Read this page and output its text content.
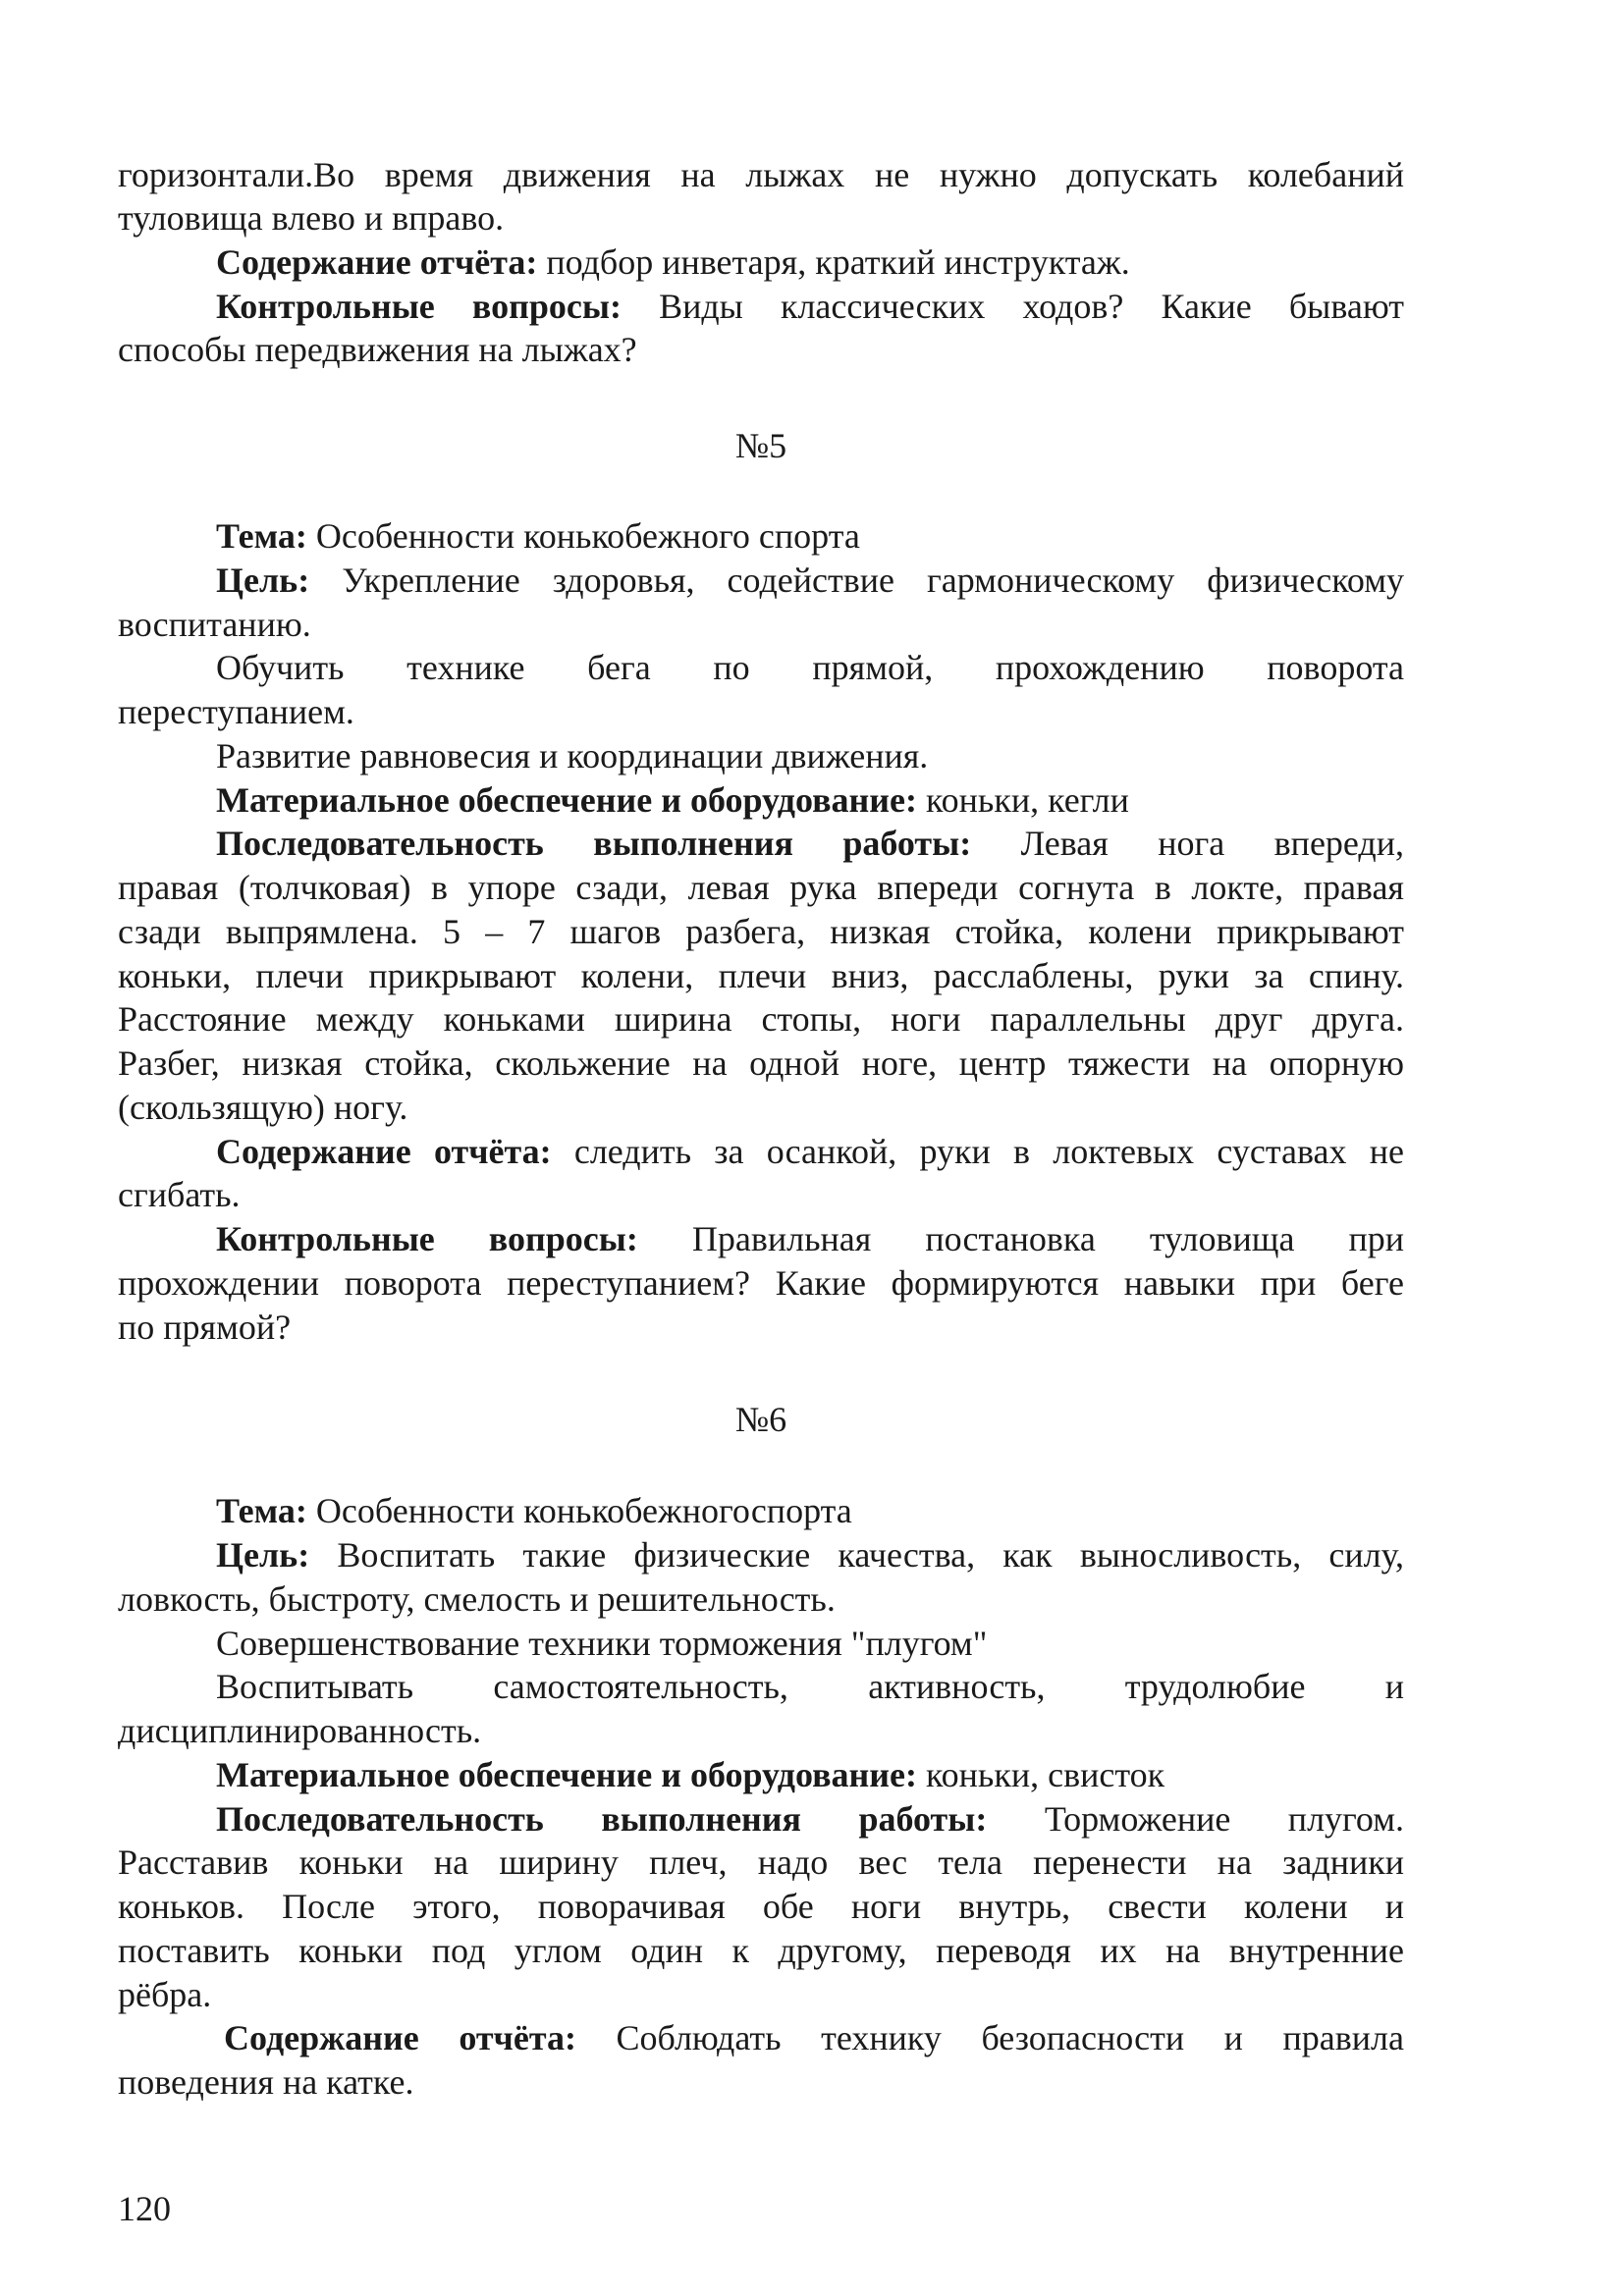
горизонтали.Во время движения на лыжах не нужно допускать колебаний
туловища влево и вправо.
Содержание отчёта: подбор инветаря, краткий инструктаж.
Контрольные вопросы: Виды классических ходов? Какие бывают
способы передвижения на лыжах?
№5
Тема: Особенности конькобежного спорта
Цель: Укрепление здоровья, содействие гармоническому физическому
воспитанию.
Обучить технике бега по прямой, прохождению поворота
переступанием.
Развитие равновесия и координации движения.
Материальное обеспечение и оборудование: коньки, кегли
Последовательность выполнения работы: Левая нога впереди,
правая (толчковая) в упоре сзади, левая рука впереди согнута в локте, правая
сзади выпрямлена. 5 – 7 шагов разбега, низкая стойка, колени прикрывают
коньки, плечи прикрывают колени, плечи вниз, расслаблены, руки за спину.
Расстояние между коньками ширина стопы, ноги параллельны друг друга.
Разбег, низкая стойка, скольжение на одной ноге, центр тяжести на опорную
(скользящую) ногу.
Содержание отчёта: следить за осанкой, руки в локтевых суставах не
сгибать.
Контрольные вопросы: Правильная постановка туловища при
прохождении поворота переступанием? Какие формируются навыки при беге
по прямой?
№6
Тема: Особенности конькобежногоспорта
Цель: Воспитать такие физические качества, как выносливость, силу,
ловкость, быстроту, смелость и решительность.
Совершенствование техники торможения "плугом"
Воспитывать самостоятельность, активность, трудолюбие и
дисциплинированность.
Материальное обеспечение и оборудование: коньки, свисток
Последовательность выполнения работы: Торможение плугом.
Расставив коньки на ширину плеч, надо вес тела перенести на задники
коньков. После этого, поворачивая обе ноги внутрь, свести колени и
поставить коньки под углом один к другому, переводя их на внутренние
рёбра.
Содержание отчёта: Соблюдать технику безопасности и правила
поведения на катке.
120
